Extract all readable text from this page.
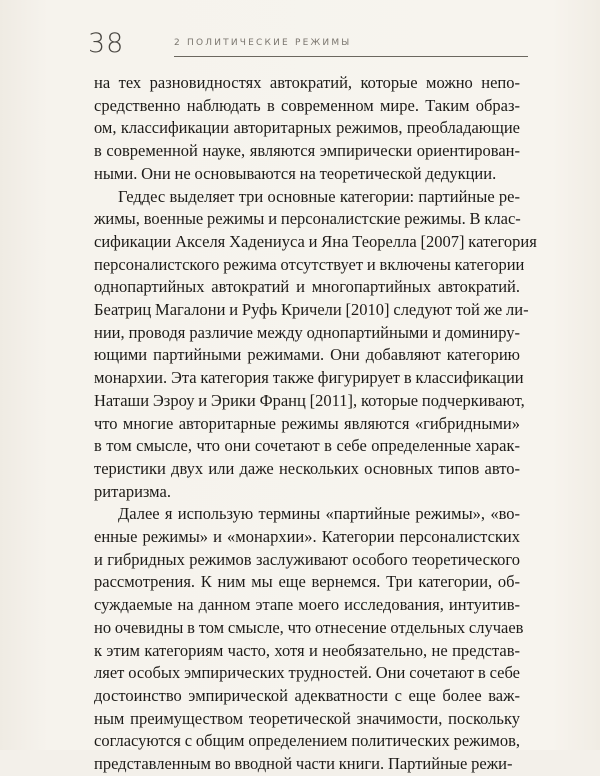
38	2 ПОЛИТИЧЕСКИЕ РЕЖИМЫ
на тех разновидностях автократий, которые можно непо-
средственно наблюдать в современном мире. Таким образ-
ом, классификации авторитарных режимов, преобладающие
в современной науке, являются эмпирически ориентирован-
ными. Они не основываются на теоретической дедукции.
Геддес выделяет три основные категории: партийные ре-
жимы, военные режимы и персоналистские режимы. В клас-
сификации Акселя Хадениуса и Яна Теорелла [2007] категория
персоналистского режима отсутствует и включены категории
однопартийных автократий и многопартийных автократий.
Беатриц Магалони и Руфь Кричели [2010] следуют той же ли-
нии, проводя различие между однопартийными и доминиру-
ющими партийными режимами. Они добавляют категорию
монархии. Эта категория также фигурирует в классификации
Наташи Эзроу и Эрики Франц [2011], которые подчеркивают,
что многие авторитарные режимы являются «гибридными»
в том смысле, что они сочетают в себе определенные харак-
теристики двух или даже нескольких основных типов авто-
ритаризма.
Далее я использую термины «партийные режимы», «во-
енные режимы» и «монархии». Категории персоналистских
и гибридных режимов заслуживают особого теоретического
рассмотрения. К ним мы еще вернемся. Три категории, об-
суждаемые на данном этапе моего исследования, интуитив-
но очевидны в том смысле, что отнесение отдельных случаев
к этим категориям часто, хотя и необязательно, не представ-
ляет особых эмпирических трудностей. Они сочетают в себе
достоинство эмпирической адекватности с еще более важ-
ным преимуществом теоретической значимости, поскольку
согласуются с общим определением политических режимов,
представленным во вводной части книги. Партийные режи-
